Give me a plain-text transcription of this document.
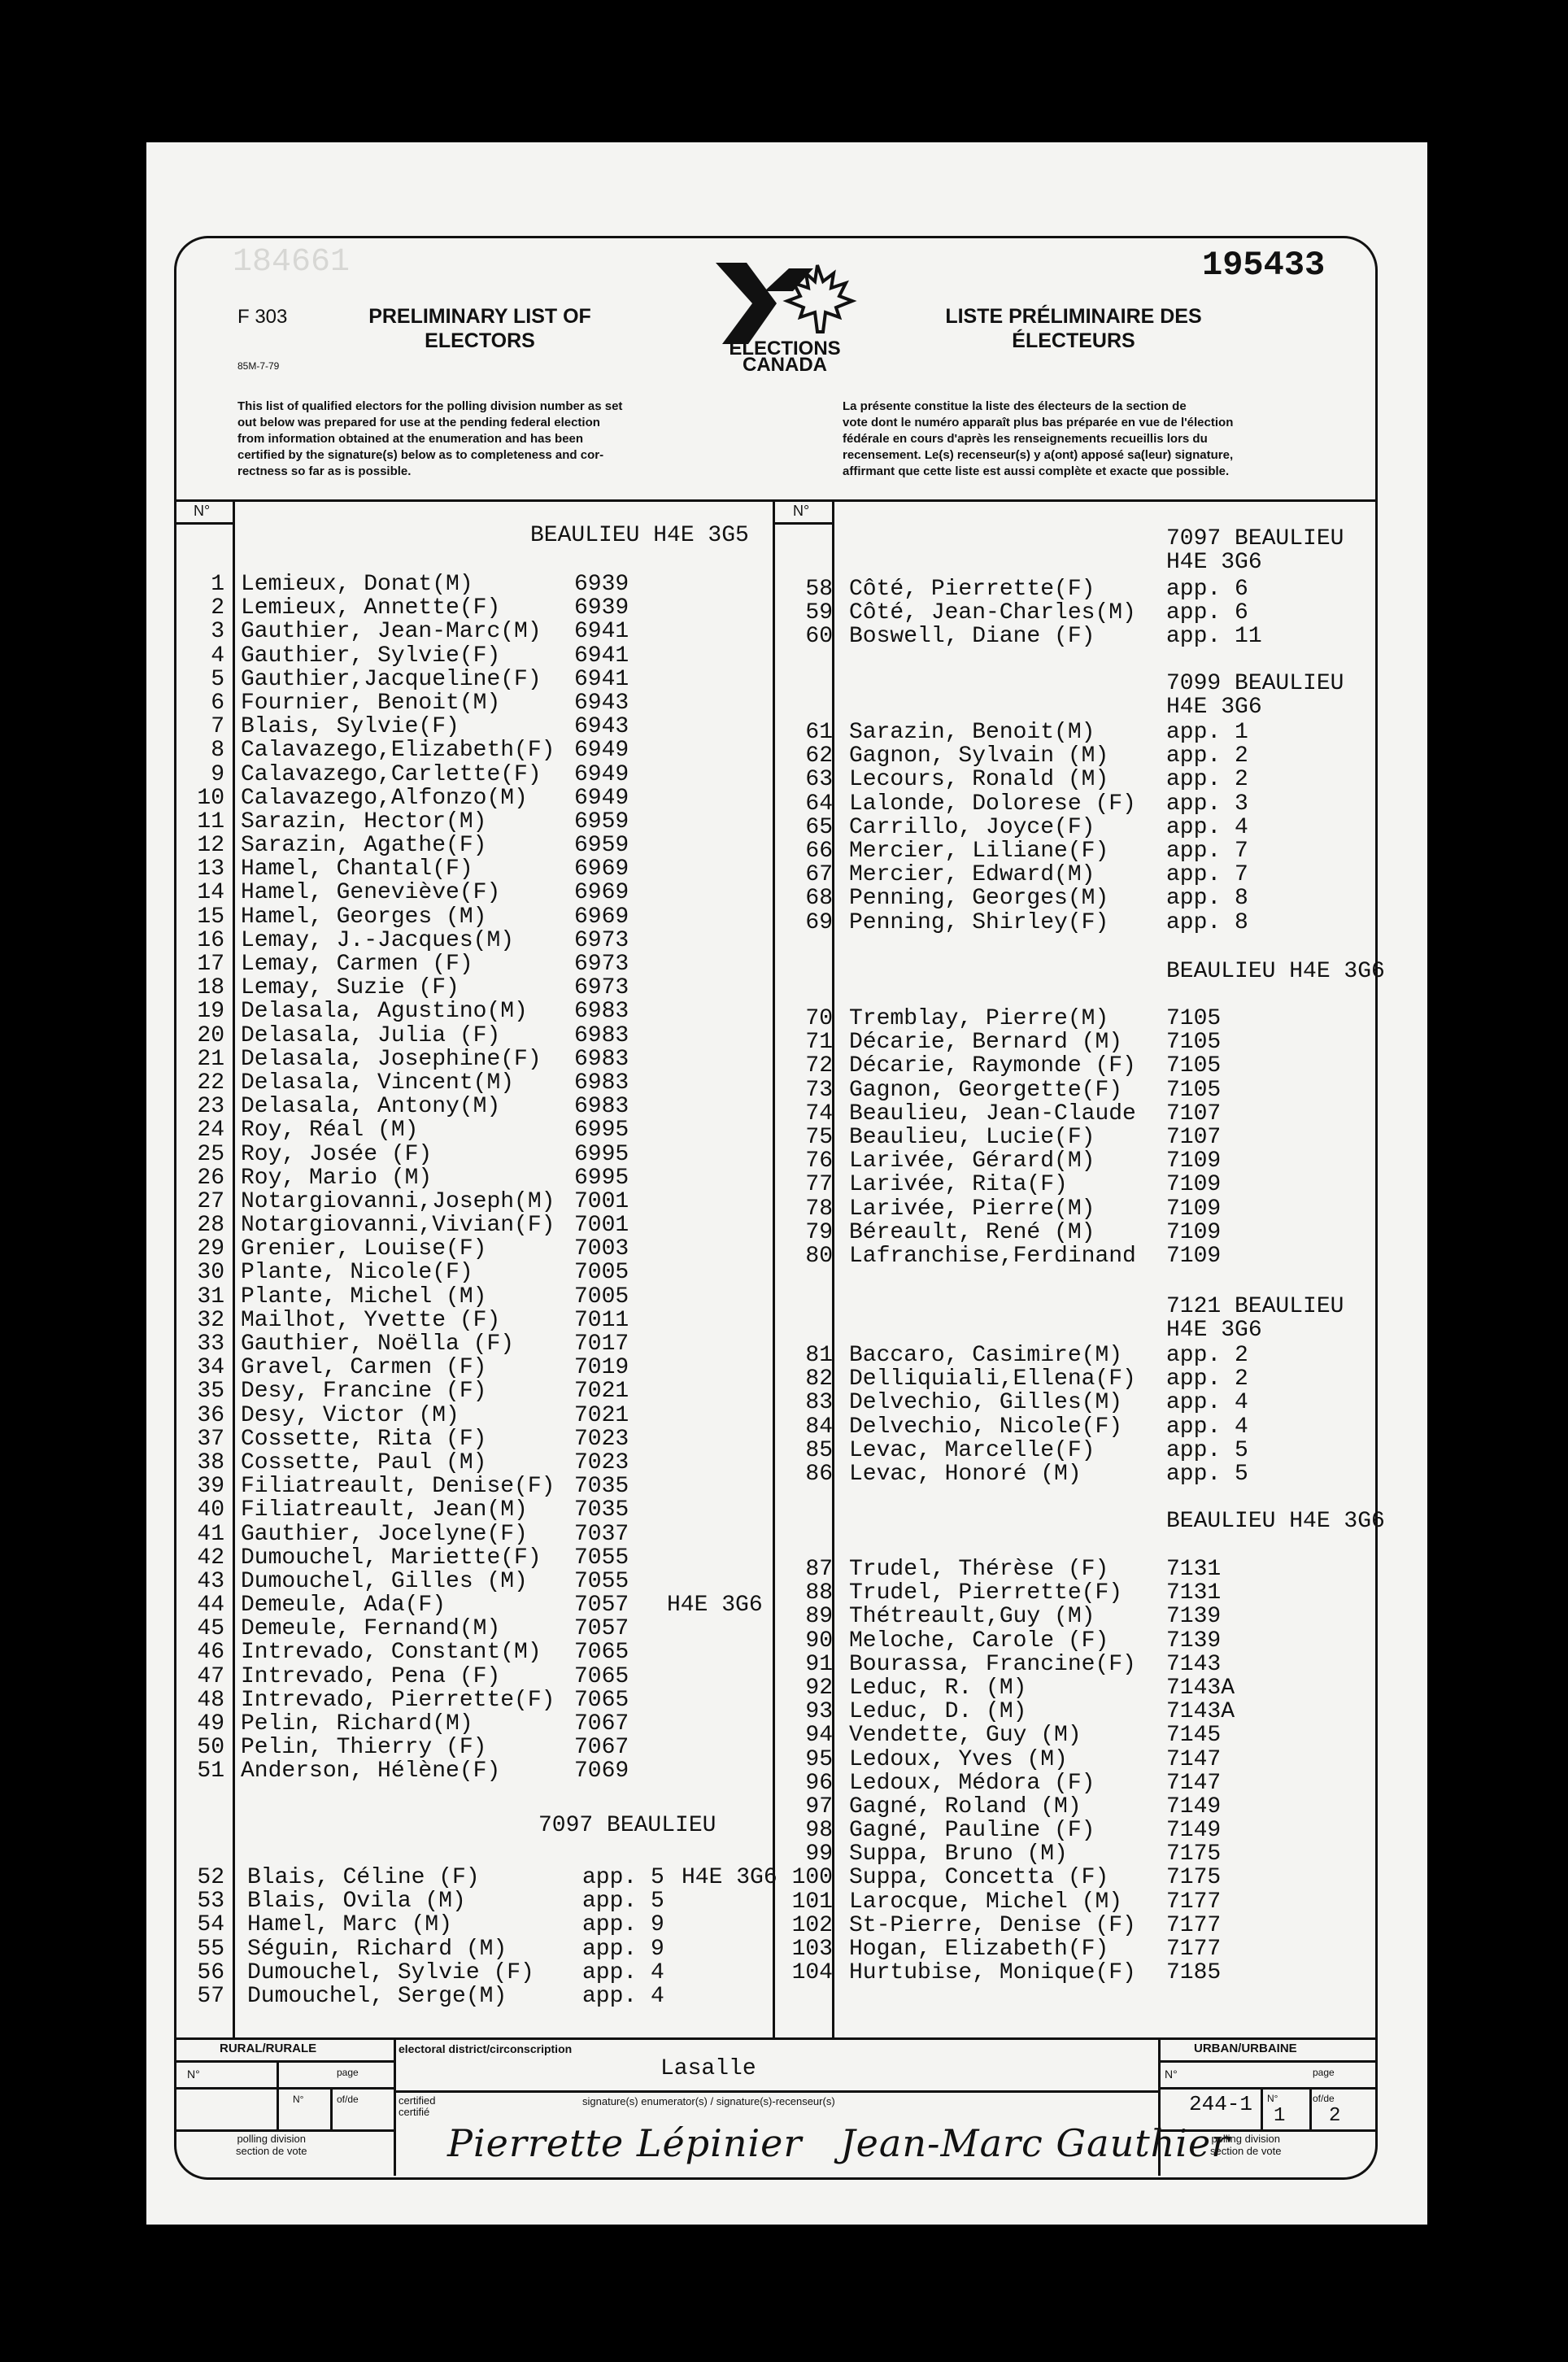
184661	195433
F 303
85M-7-79
PRELIMINARY LIST OF
ELECTORS
LISTE PRÉLIMINAIRE DES
ÉLECTEURS
ELECTIONS
CANADA
This list of qualified electors for the polling division number as set
out below was prepared for use at the pending federal election
from information obtained at the enumeration and has been
certified by the signature(s) below as to completeness and cor-
rectness so far as is possible.
La présente constitue la liste des électeurs de la section de
vote dont le numéro apparaît plus bas préparée en vue de l'élection
fédérale en cours d'après les renseignements recueillis lors du
recensement. Le(s) recenseur(s) y a(ont) apposé sa(leur) signature,
affirmant que cette liste est aussi complète et exacte que possible.
N°	N°
BEAULIEU H4E 3G5
1 Lemieux, Donat(M)	6939
2 Lemieux, Annette(F)	6939
3 Gauthier, Jean-Marc(M) 6941
4 Gauthier, Sylvie(F)	6941
5 Gauthier,Jacqueline(F) 6941
6 Fournier, Benoit(M)	6943
7 Blais, Sylvie(F)	6943
8 Calavazego,Elizabeth(F) 6949
9 Calavazego,Carlette(F) 6949
10 Calavazego,Alfonzo(M) 6949
11 Sarazin, Hector(M)	6959
12 Sarazin, Agathe(F)	6959
13 Hamel, Chantal(F)	6969
14 Hamel, Geneviève(F)	6969
15 Hamel, Georges (M)	6969
16 Lemay, J.-Jacques(M)	6973
17 Lemay, Carmen (F)	6973
18 Lemay, Suzie (F)	6973
19 Delasala, Agustino(M) 6983
20 Delasala, Julia (F)	6983
21 Delasala, Josephine(F) 6983
22 Delasala, Vincent(M)	6983
23 Delasala, Antony(M)	6983
24 Roy, Réal (M)	6995
25 Roy, Josée (F)	6995
26 Roy, Mario (M)	6995
27 Notargiovanni,Joseph(M) 7001
28 Notargiovanni,Vivian(F) 7001
29 Grenier, Louise(F)	7003
30 Plante, Nicole(F)	7005
31 Plante, Michel (M)	7005
32 Mailhot, Yvette (F)	7011
33 Gauthier, Noëlla (F)	7017
34 Gravel, Carmen (F)	7019
35 Desy, Francine (F)	7021
36 Desy, Victor (M)	7021
37 Cossette, Rita (F)	7023
38 Cossette, Paul (M)	7023
39 Filiatreault, Denise(F) 7035
40 Filiatreault, Jean(M) 7035
41 Gauthier, Jocelyne(F) 7037
42 Dumouchel, Mariette(F) 7055
43 Dumouchel, Gilles (M) 7055
44 Demeule, Ada(F)	7057 H4E 3G6
45 Demeule, Fernand(M)	7057
46 Intrevado, Constant(M) 7065
47 Intrevado, Pena (F)	7065
48 Intrevado, Pierrette(F) 7065
49 Pelin, Richard(M)	7067
50 Pelin, Thierry (F)	7067
51 Anderson, Hélène(F)	7069
7097 BEAULIEU
52 Blais, Céline (F)	app. 5 H4E 3G6
53 Blais, Ovila (M)	app. 5
54 Hamel, Marc (M)	app. 9
55 Séguin, Richard (M)	app. 9
56 Dumouchel, Sylvie (F) app. 4
57 Dumouchel, Serge(M)	app. 4
7097 BEAULIEU
H4E 3G6
58 Côté, Pierrette(F)	app. 6
59 Côté, Jean-Charles(M) app. 6
60 Boswell, Diane (F)	app. 11
7099 BEAULIEU
H4E 3G6
61 Sarazin, Benoit(M)	app. 1
62 Gagnon, Sylvain (M)	app. 2
63 Lecours, Ronald (M)	app. 2
64 Lalonde, Dolorese (F) app. 3
65 Carrillo, Joyce(F)	app. 4
66 Mercier, Liliane(F)	app. 7
67 Mercier, Edward(M)	app. 7
68 Penning, Georges(M)	app. 8
69 Penning, Shirley(F)	app. 8
BEAULIEU H4E 3G6
70 Tremblay, Pierre(M)	7105
71 Décarie, Bernard (M) 7105
72 Décarie, Raymonde (F) 7105
73 Gagnon, Georgette(F) 7105
74 Beaulieu, Jean-Claude 7107
75 Beaulieu, Lucie(F)	7107
76 Larivée, Gérard(M)	7109
77 Larivée, Rita(F)	7109
78 Larivée, Pierre(M)	7109
79 Béreault, René (M)	7109
80 Lafranchise,Ferdinand 7109
7121 BEAULIEU
H4E 3G6
81 Baccaro, Casimire(M) app. 2
82 Delliquiali,Ellena(F) app. 2
83 Delvechio, Gilles(M) app. 4
84 Delvechio, Nicole(F) app. 4
85 Levac, Marcelle(F)	app. 5
86 Levac, Honoré (M)	app. 5
BEAULIEU H4E 3G6
87 Trudel, Thérèse (F)	7131
88 Trudel, Pierrette(F) 7131
89 Thétreault,Guy (M)	7139
90 Meloche, Carole (F)	7139
91 Bourassa, Francine(F) 7143
92 Leduc, R. (M)	7143A
93 Leduc, D. (M)	7143A
94 Vendette, Guy (M)	7145
95 Ledoux, Yves (M)	7147
96 Ledoux, Médora (F)	7147
97 Gagné, Roland (M)	7149
98 Gagné, Pauline (F)	7149
99 Suppa, Bruno (M)	7175
100 Suppa, Concetta (F)	7175
101 Larocque, Michel (M) 7177
102 St-Pierre, Denise (F) 7177
103 Hogan, Elizabeth(F)	7177
104 Hurtubise, Monique(F) 7185
RURAL/RURALE	electoral district/circonscription
Lasalle
URBAN/URBAINE
N°	page
N°	of/de
N°	page
244-1 N°	of/de
1 2
certified
certifié
signature(s) enumerator(s) / signature(s)-recenseur(s)
polling division
section de vote
polling division
section de vote
Pierrette Lépinier   Jean-Marc Gauthier
